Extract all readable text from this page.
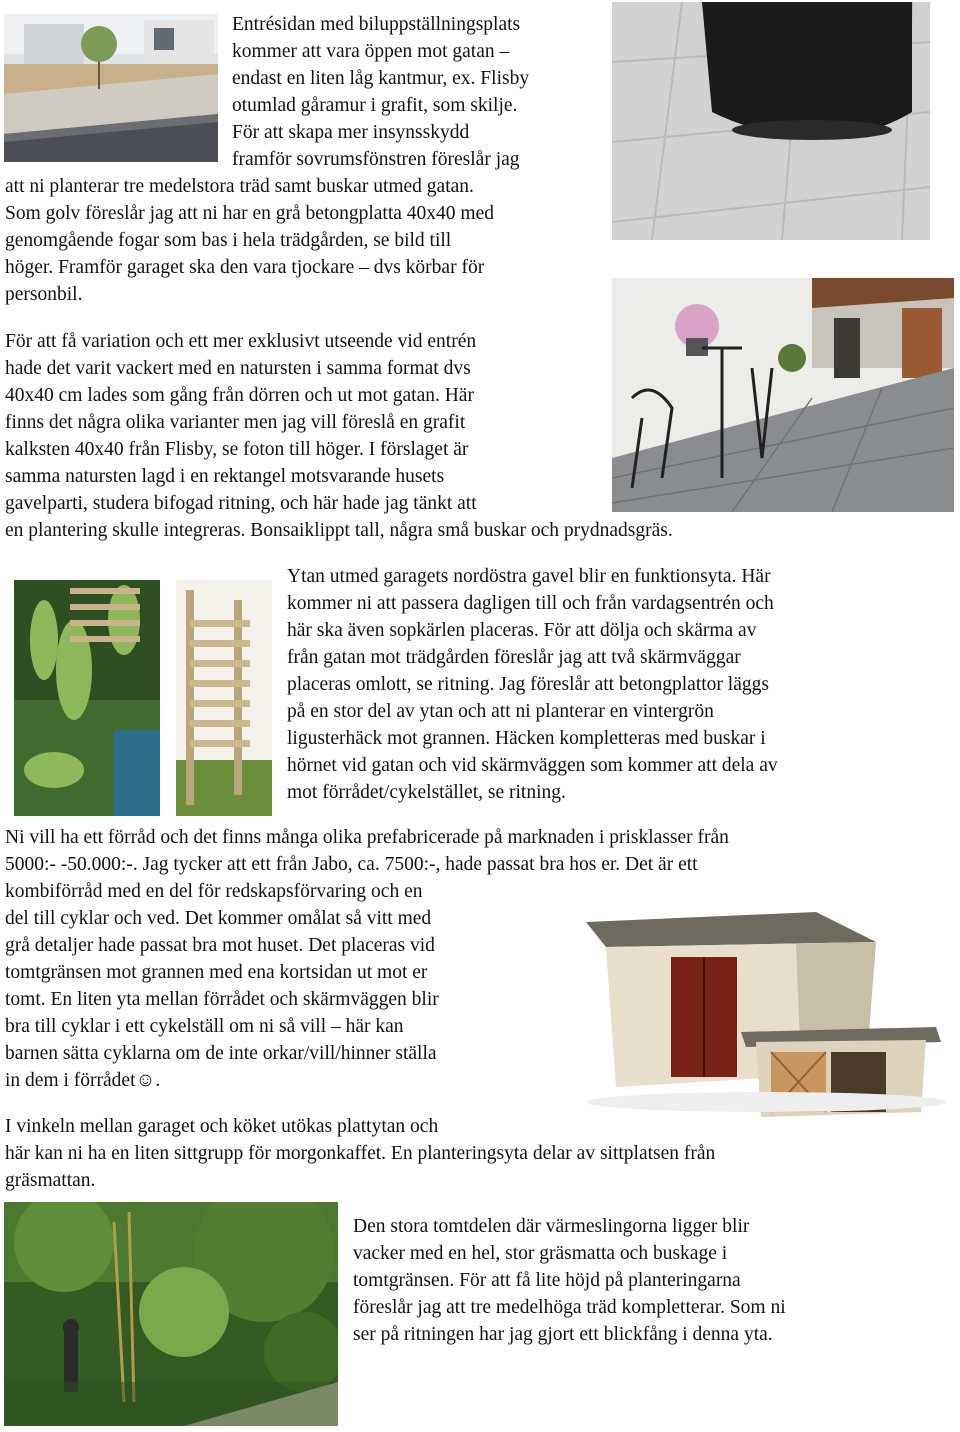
Entrésidan med biluppställningsplats
kommer att vara öppen mot gatan –
endast en liten låg kantmur, ex. Flisby
otumlad gåramur i grafit, som skilje.
För att skapa mer insynsskydd
framför sovrumsfönstren föreslår jag
att ni planterar tre medelstora träd samt buskar utmed gatan.
Som golv föreslår jag att ni har en grå betongplatta 40x40 med
genomgående fogar som bas i hela trädgården, se bild till
höger. Framför garaget ska den vara tjockare – dvs körbar för
personbil.
För att få variation och ett mer exklusivt utseende vid entrén
hade det varit vackert med en natursten i samma format dvs
40x40 cm lades som gång från dörren och ut mot gatan. Här
finns det några olika varianter men jag vill föreslå en grafit
kalksten 40x40 från Flisby, se foton till höger. I förslaget är
samma natursten lagd i en rektangel motsvarande husets
gavelparti, studera bifogad ritning, och här hade jag tänkt att
en plantering skulle integreras. Bonsaiklippt tall, några små buskar och prydnadsgräs.
Ytan utmed garagets nordöstra gavel blir en funktionsyta. Här
kommer ni att passera dagligen till och från vardagsentrén och
här ska även sopkärlen placeras. För att dölja och skärma av
från gatan mot trädgården föreslår jag att två skärmväggar
placeras omlott, se ritning. Jag föreslår att betongplattor läggs
på en stor del av ytan och att ni planterar en vintergrön
ligusterhäck mot grannen. Häcken kompletteras med buskar i
hörnet vid gatan och vid skärmväggen som kommer att dela av
mot förrådet/cykelstället, se ritning.
Ni vill ha ett förråd och det finns många olika prefabricerade på marknaden i prisklasser från
5000:- -50.000:-. Jag tycker att ett från Jabo, ca. 7500:-, hade passat bra hos er. Det är ett
kombiförråd med en del för redskapsförvaring och en
del till cyklar och ved. Det kommer omålat så vitt med
grå detaljer hade passat bra mot huset. Det placeras vid
tomtgränsen mot grannen med ena kortsidan ut mot er
tomt. En liten yta mellan förrådet och skärmväggen blir
bra till cyklar i ett cykelställ om ni så vill – här kan
barnen sätta cyklarna om de inte orkar/vill/hinner ställa
in dem i förrådet☺.
I vinkeln mellan garaget och köket utökas plattytan och
här kan ni ha en liten sittgrupp för morgonkaffet. En planteringsyta delar av sittplatsen från
gräsmattan.
Den stora tomtdelen där värmeslingorna ligger blir
vacker med en hel, stor gräsmatta och buskage i
tomtgränsen. För att få lite höjd på planteringarna
föreslår jag att tre medelhöga träd kompletterar. Som ni
ser på ritningen har jag gjort ett blickfång i denna yta.
